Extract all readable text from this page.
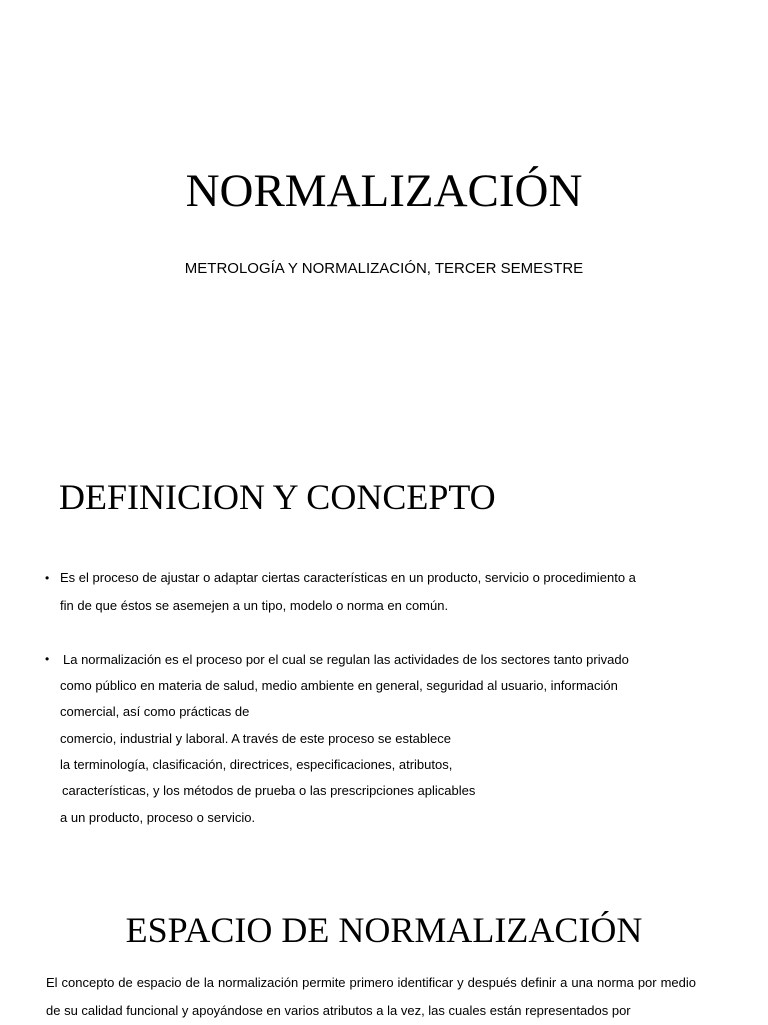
NORMALIZACIÓN
METROLOGÍA Y NORMALIZACIÓN, TERCER SEMESTRE
DEFINICION Y CONCEPTO
• Es el proceso de ajustar o adaptar ciertas características en un producto, servicio o procedimiento a
fin de que éstos se asemejen a un tipo, modelo o norma en común.
• La normalización es el proceso por el cual se regulan las actividades de los sectores tanto privado
como público en materia de salud, medio ambiente en general, seguridad al usuario, información
comercial, así como prácticas de
comercio, industrial y laboral. A través de este proceso se establece
la terminología, clasificación, directrices, especificaciones, atributos,
características, y los métodos de prueba o las prescripciones aplicables
a un producto, proceso o servicio.
ESPACIO DE NORMALIZACIÓN
El concepto de espacio de la normalización permite primero identificar y después definir a una norma por medio de su calidad funcional y apoyándose en varios atributos a la vez, las cuales están representados por
